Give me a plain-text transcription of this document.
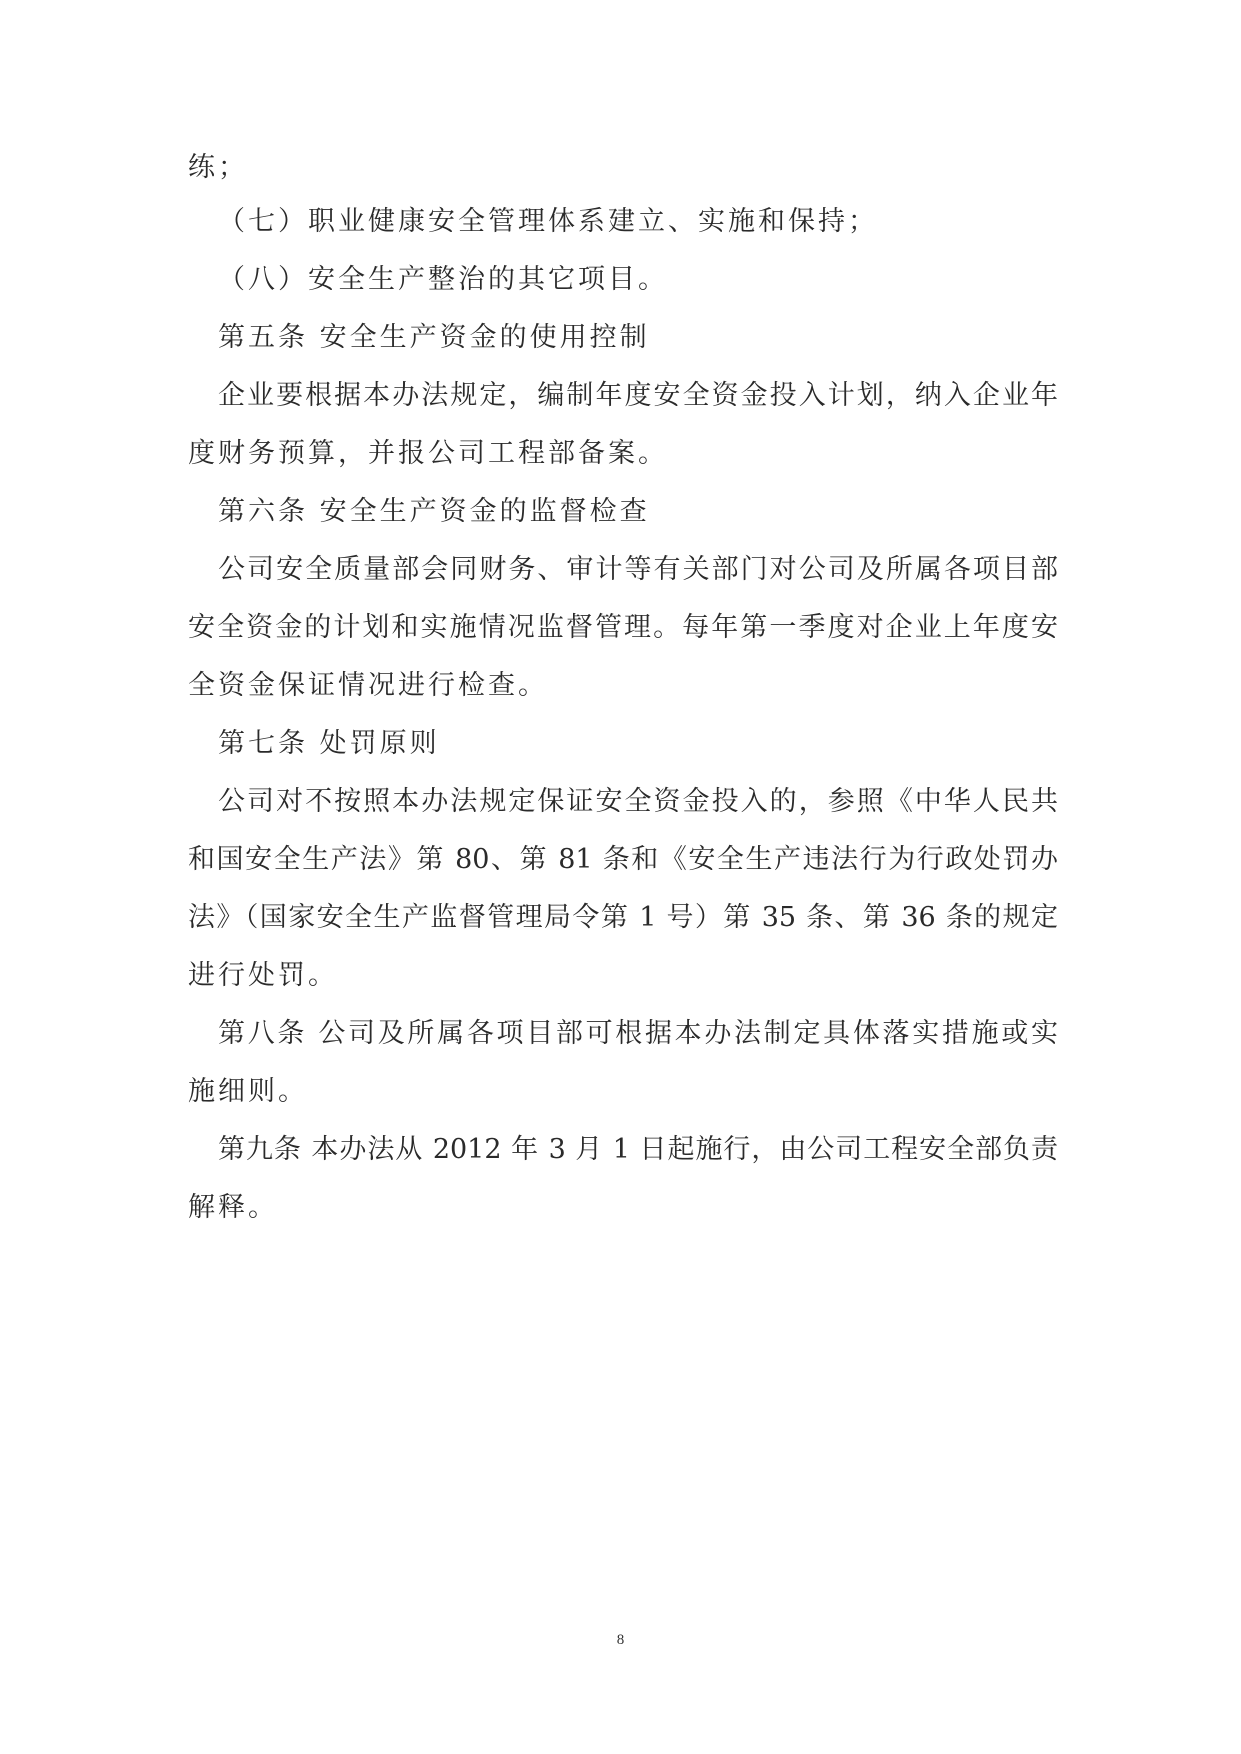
练；
（七）职业健康安全管理体系建立、实施和保持；
（八）安全生产整治的其它项目。
第五条 安全生产资金的使用控制
企业要根据本办法规定，编制年度安全资金投入计划，纳入企业年
度财务预算，并报公司工程部备案。
第六条 安全生产资金的监督检查
公司安全质量部会同财务、审计等有关部门对公司及所属各项目部
安全资金的计划和实施情况监督管理。每年第一季度对企业上年度安
全资金保证情况进行检查。
第七条 处罚原则
公司对不按照本办法规定保证安全资金投入的，参照《中华人民共
和国安全生产法》第 80、第 81 条和《安全生产违法行为行政处罚办
法》（国家安全生产监督管理局令第 1 号）第 35 条、第 36 条的规定
进行处罚。
第八条 公司及所属各项目部可根据本办法制定具体落实措施或实
施细则。
第九条 本办法从 2012 年 3 月 1 日起施行，由公司工程安全部负责
解释。
8
